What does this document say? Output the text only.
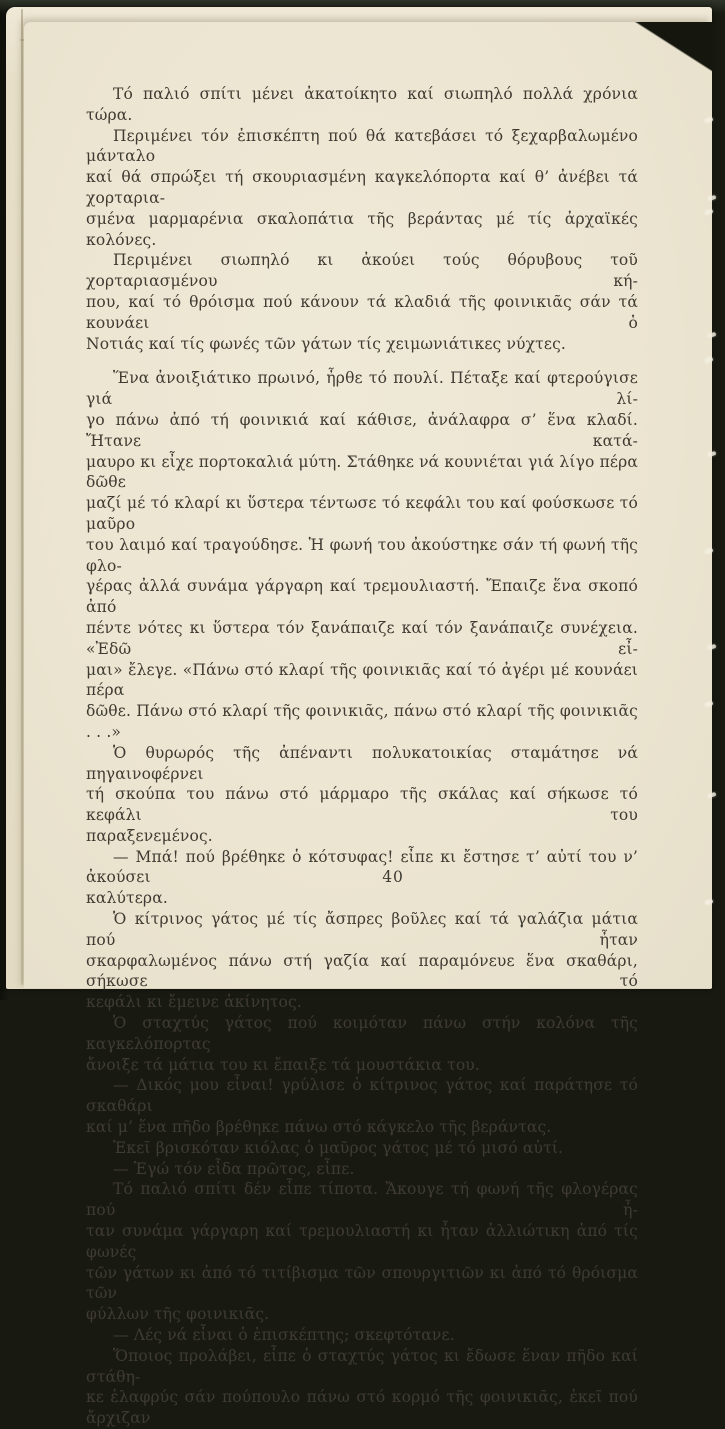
Τό παλιό σπίτι μένει ἀκατοίκητο καί σιωπηλό πολλά χρόνια τώρα.
Περιμένει τόν ἐπισκέπτη πού θά κατεβάσει τό ξεχαρβαλωμένο μάνταλο
καί θά σπρώξει τή σκουριασμένη καγκελόπορτα καί θ’ ἀνέβει τά χορταρια-
σμένα μαρμαρένια σκαλοπάτια τῆς βεράντας μέ τίς ἀρχαϊκές κολόνες.
Περιμένει σιωπηλό κι ἀκούει τούς θόρυβους τοῦ χορταριασμένου κή-
που, καί τό θρόισμα πού κάνουν τά κλαδιά τῆς φοινικιᾶς σάν τά κουνάει ὁ
Νοτιάς καί τίς φωνές τῶν γάτων τίς χειμωνιάτικες νύχτες.
Ἕνα ἀνοιξιάτικο πρωινό, ἦρθε τό πουλί. Πέταξε καί φτερούγισε γιά λί-
γο πάνω ἀπό τή φοινικιά καί κάθισε, ἀνάλαφρα σ’ ἕνα κλαδί. Ἤτανε κατά-
μαυρο κι εἶχε πορτοκαλιά μύτη. Στάθηκε νά κουνιέται γιά λίγο πέρα δῶθε
μαζί μέ τό κλαρί κι ὕστερα τέντωσε τό κεφάλι του καί φούσκωσε τό μαῦρο
του λαιμό καί τραγούδησε. Ἡ φωνή του ἀκούστηκε σάν τή φωνή τῆς φλο-
γέρας ἀλλά συνάμα γάργαρη καί τρεμουλιαστή. Ἔπαιζε ἕνα σκοπό ἀπό
πέντε νότες κι ὕστερα τόν ξανάπαιζε καί τόν ξανάπαιζε συνέχεια. «Ἐδῶ εἶ-
μαι» ἔλεγε. «Πάνω στό κλαρί τῆς φοινικιᾶς καί τό ἀγέρι μέ κουνάει πέρα
δῶθε. Πάνω στό κλαρί τῆς φοινικιᾶς, πάνω στό κλαρί τῆς φοινικιᾶς . . .»
Ὁ θυρωρός τῆς ἀπέναντι πολυκατοικίας σταμάτησε νά πηγαινοφέρνει
τή σκούπα του πάνω στό μάρμαρο τῆς σκάλας καί σήκωσε τό κεφάλι του
παραξενεμένος.
— Μπά! πού βρέθηκε ὁ κότσυφας! εἶπε κι ἔστησε τ’ αὐτί του ν’ ἀκούσει
καλύτερα.
Ὁ κίτρινος γάτος μέ τίς ἄσπρες βοῦλες καί τά γαλάζια μάτια πού ἦταν
σκαρφαλωμένος πάνω στή γαζία καί παραμόνευε ἕνα σκαθάρι, σήκωσε τό
κεφάλι κι ἔμεινε ἀκίνητος.
Ὁ σταχτύς γάτος πού κοιμόταν πάνω στήν κολόνα τῆς καγκελόπορτας
ἄνοιξε τά μάτια του κι ἔπαιξε τά μουστάκια του.
— Δικός μου εἶναι! γρύλισε ὁ κίτρινος γάτος καί παράτησε τό σκαθάρι
καί μ’ ἕνα πῆδο βρέθηκε πάνω στό κάγκελο τῆς βεράντας.
Ἐκεῖ βρισκόταν κιόλας ὁ μαῦρος γάτος μέ τό μισό αὐτί.
— Ἐγώ τόν εἶδα πρῶτος, εἶπε.
Τό παλιό σπίτι δέν εἶπε τίποτα. Ἄκουγε τή φωνή τῆς φλογέρας πού ἦ-
ταν συνάμα γάργαρη καί τρεμουλιαστή κι ἦταν ἀλλιώτικη ἀπό τίς φωνές
τῶν γάτων κι ἀπό τό τιτίβισμα τῶν σπουργιτιῶν κι ἀπό τό θρόισμα τῶν
φύλλων τῆς φοινικιᾶς.
— Λές νά εἶναι ὁ ἐπισκέπτης; σκεφτότανε.
Ὅποιος προλάβει, εἶπε ὁ σταχτύς γάτος κι ἔδωσε ἕναν πῆδο καί στάθη-
κε ἐλαφρύς σάν πούπουλο πάνω στό κορμό τῆς φοινικιᾶς, ἐκεῖ πού ἄρχιζαν
40
